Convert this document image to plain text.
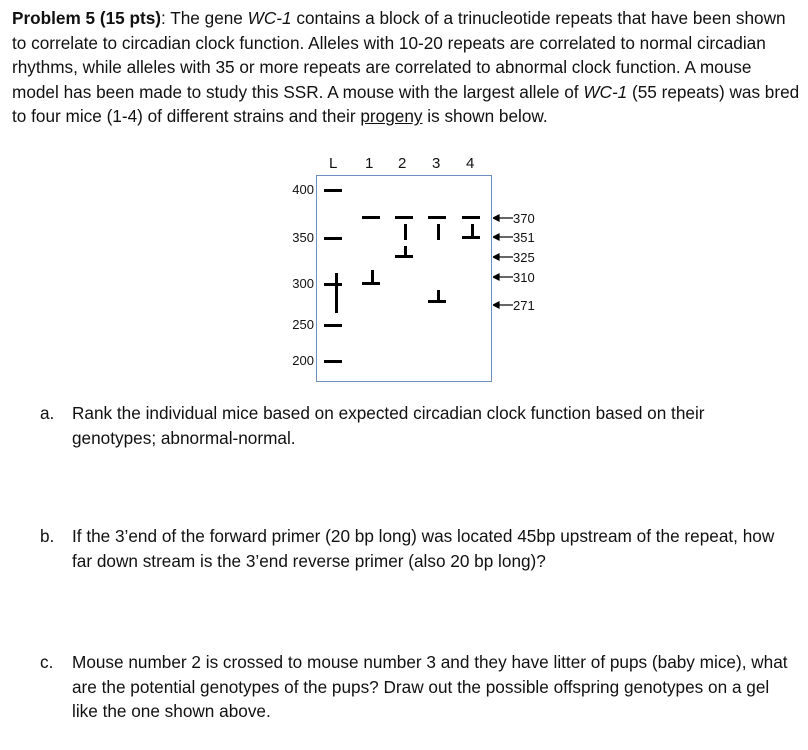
Problem 5 (15 pts): The gene WC-1 contains a block of a trinucleotide repeats that have been shown to correlate to circadian clock function. Alleles with 10-20 repeats are correlated to normal circadian rhythms, while alleles with 35 or more repeats are correlated to abnormal clock function. A mouse model has been made to study this SSR. A mouse with the largest allele of WC-1 (55 repeats) was bred to four mice (1-4) of different strains and their progeny is shown below.
L 1 2 3 4
400
350
300
250
200
370
351
325
310
271
a. Rank the individual mice based on expected circadian clock function based on their genotypes; abnormal-normal.
b. If the 3’end of the forward primer (20 bp long) was located 45bp upstream of the repeat, how far down stream is the 3’end reverse primer (also 20 bp long)?
c. Mouse number 2 is crossed to mouse number 3 and they have litter of pups (baby mice), what are the potential genotypes of the pups? Draw out the possible offspring genotypes on a gel like the one shown above.
